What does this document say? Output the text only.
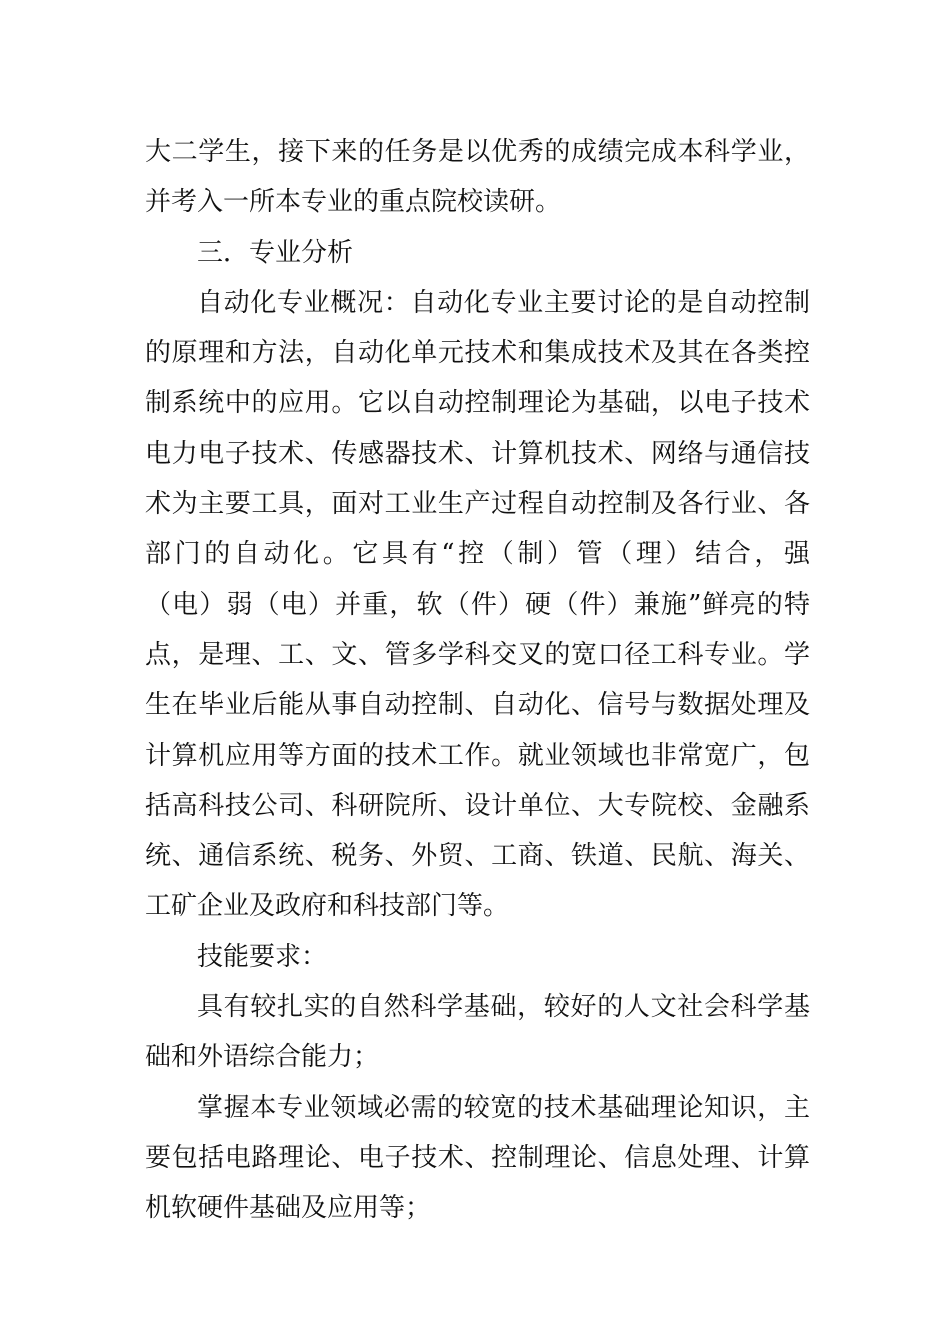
大二学生，接下来的任务是以优秀的成绩完成本科学业，
并考入一所本专业的重点院校读研。
三．专业分析
自动化专业概况：自动化专业主要讨论的是自动控制
的原理和方法，自动化单元技术和集成技术及其在各类控
制系统中的应用。它以自动控制理论为基础，以电子技术
电力电子技术、传感器技术、计算机技术、网络与通信技
术为主要工具，面对工业生产过程自动控制及各行业、各
部门的自动化。它具有“控（制）管（理）结合，强
（电）弱（电）并重，软（件）硬（件）兼施”鲜亮的特
点，是理、工、文、管多学科交叉的宽口径工科专业。学
生在毕业后能从事自动控制、自动化、信号与数据处理及
计算机应用等方面的技术工作。就业领域也非常宽广，包
括高科技公司、科研院所、设计单位、大专院校、金融系
统、通信系统、税务、外贸、工商、铁道、民航、海关、
工矿企业及政府和科技部门等。
技能要求：
具有较扎实的自然科学基础，较好的人文社会科学基
础和外语综合能力；
掌握本专业领域必需的较宽的技术基础理论知识，主
要包括电路理论、电子技术、控制理论、信息处理、计算
机软硬件基础及应用等；
